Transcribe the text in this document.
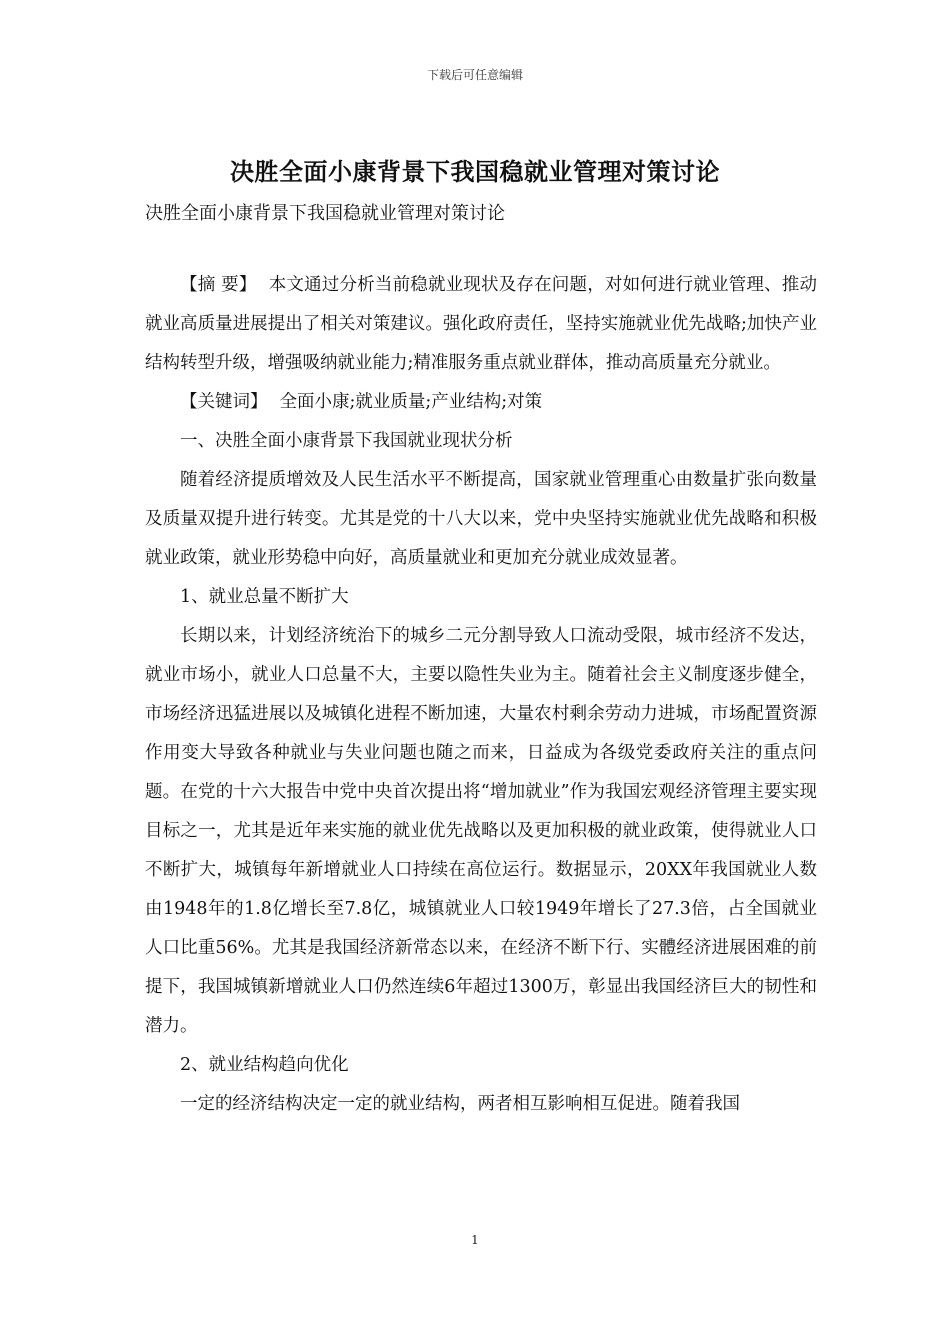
下载后可任意编辑
决胜全面小康背景下我国稳就业管理对策讨论
决胜全面小康背景下我国稳就业管理对策讨论

【摘 要】 本文通过分析当前稳就业现状及存在问题，对如何进行就业管理、推动就业高质量进展提出了相关对策建议。强化政府责任，坚持实施就业优先战略;加快产业结构转型升级，增强吸纳就业能力;精准服务重点就业群体，推动高质量充分就业。

【关键词】 全面小康;就业质量;产业结构;对策

一、决胜全面小康背景下我国就业现状分析

随着经济提质增效及人民生活水平不断提高，国家就业管理重心由数量扩张向数量及质量双提升进行转变。尤其是党的十八大以来，党中央坚持实施就业优先战略和积极就业政策，就业形势稳中向好，高质量就业和更加充分就业成效显著。

1、就业总量不断扩大

长期以来，计划经济统治下的城乡二元分割导致人口流动受限，城市经济不发达，就业市场小，就业人口总量不大，主要以隐性失业为主。随着社会主义制度逐步健全，市场经济迅猛进展以及城镇化进程不断加速，大量农村剩余劳动力进城，市场配置资源作用变大导致各种就业与失业问题也随之而来，日益成为各级党委政府关注的重点问题。在党的十六大报告中党中央首次提出将“增加就业”作为我国宏观经济管理主要实现目标之一，尤其是近年来实施的就业优先战略以及更加积极的就业政策，使得就业人口不断扩大，城镇每年新增就业人口持续在高位运行。数据显示，20XX年我国就业人数由1948年的1.8亿增长至7.8亿，城镇就业人口较1949年增长了27.3倍，占全国就业人口比重56%。尤其是我国经济新常态以来，在经济不断下行、实體经济进展困难的前提下，我国城镇新增就业人口仍然连续6年超过1300万，彰显出我国经济巨大的韧性和潜力。

2、就业结构趋向优化

一定的经济结构决定一定的就业结构，两者相互影响相互促进。随着我国

1
